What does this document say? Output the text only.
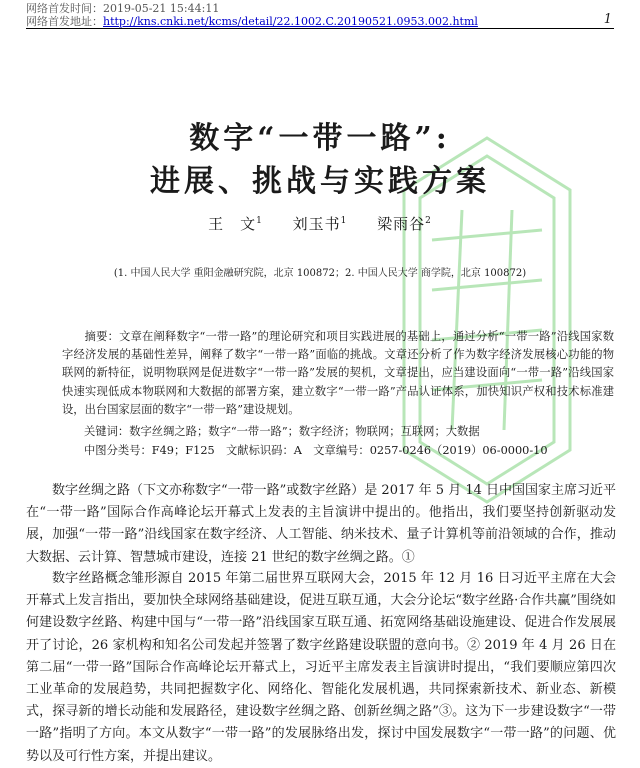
网络首发时间：2019-05-21 15:44:11
网络首发地址：http://kns.cnki.net/kcms/detail/22.1002.C.20190521.0953.002.html	1
数字“一带一路”:
进展、挑战与实践方案
王　文$^1$ 刘玉书$^1$ 梁雨谷$^2$
(1. 中国人民大学 重阳金融研究院，北京 100872；2. 中国人民大学 商学院，北京 100872)
摘要：文章在阐释数字“一带一路”的理论研究和项目实践进展的基础上，通过分析“一带一路”沿线国家数字经济发展的基础性差异，阐释了数字“一带一路”面临的挑战。文章还分析了作为数字经济发展核心功能的物联网的新特征，说明物联网是促进数字“一带一路”发展的契机，文章提出，应当建设面向“一带一路”沿线国家快速实现低成本物联网和大数据的部署方案，建立数字“一带一路”产品认证体系，加快知识产权和技术标准建设，出台国家层面的数字“一带一路”建设规划。
关键词：数字丝绸之路；数字“一带一路”；数字经济；物联网；互联网；大数据
中图分类号：F49；F125　文献标识码：A　文章编号：0257-0246（2019）06-0000-10
数字丝绸之路（下文亦称数字“一带一路”或数字丝路）是 2017 年 5 月 14 日中国国家主席习近平在“一带一路”国际合作高峰论坛开幕式上发表的主旨演讲中提出的。他指出，我们要坚持创新驱动发展，加强“一带一路”沿线国家在数字经济、人工智能、纳米技术、量子计算机等前沿领域的合作，推动大数据、云计算、智慧城市建设，连接 21 世纪的数字丝绸之路。①
数字丝路概念雏形源自 2015 年第二届世界互联网大会，2015 年 12 月 16 日习近平主席在大会开幕式上发言指出，要加快全球网络基础建设，促进互联互通，大会分论坛“数字丝路·合作共赢”围绕如何建设数字丝路、构建中国与“一带一路”沿线国家互联互通、拓宽网络基础设施建设、促进合作发展展开了讨论，26 家机构和知名公司发起并签署了数字丝路建设联盟的意向书。② 2019 年 4 月 26 日在第二届“一带一路”国际合作高峰论坛开幕式上，习近平主席发表主旨演讲时提出，“我们要顺应第四次工业革命的发展趋势，共同把握数字化、网络化、智能化发展机遇，共同探索新技术、新业态、新模式，探寻新的增长动能和发展路径，建设数字丝绸之路、创新丝绸之路”③。这为下一步建设数字“一带一路”指明了方向。本文从数字“一带一路”的发展脉络出发，探讨中国发展数字“一带一路”的问题、优势以及可行性方案，并提出建议。
